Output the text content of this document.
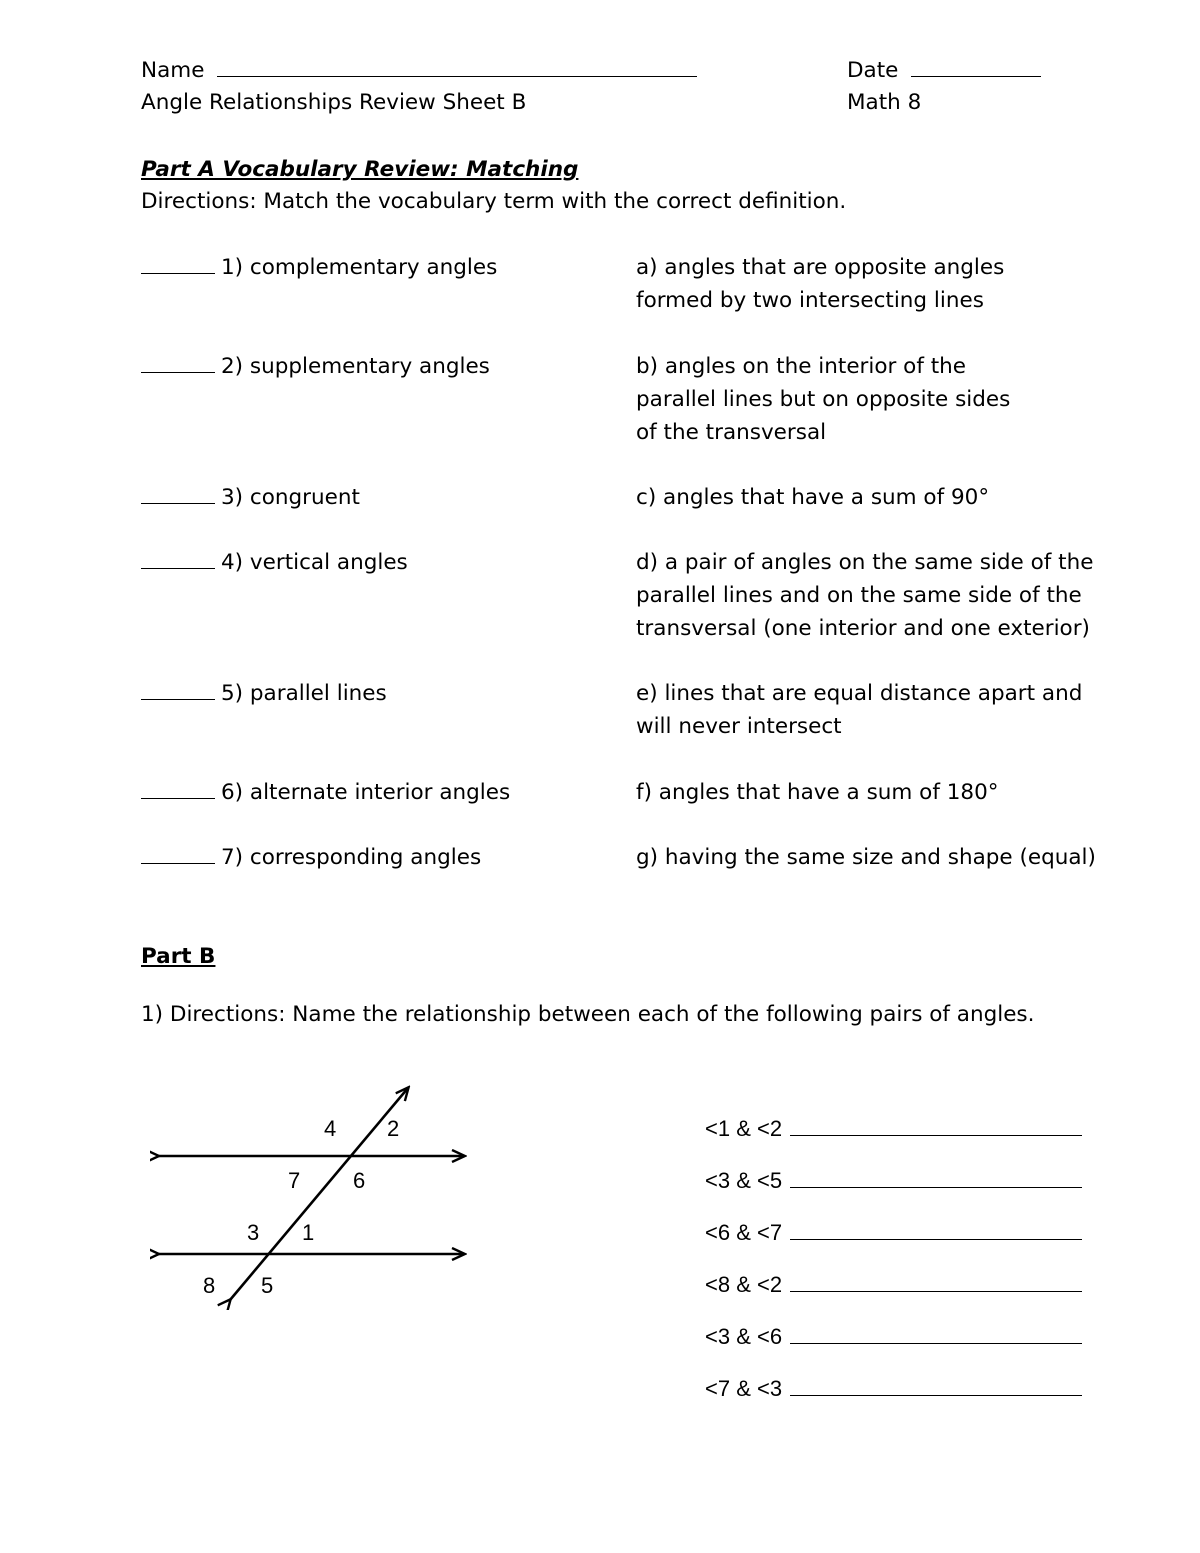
Name	Date
Angle Relationships Review Sheet B	Math 8
Part A Vocabulary Review: Matching
Directions: Match the vocabulary term with the correct definition.
1) complementary angles
2) supplementary angles
3) congruent
4) vertical angles
5) parallel lines
6) alternate interior angles
7) corresponding angles
a) angles that are opposite angles
formed by two intersecting lines
b) angles on the interior of the
parallel lines but on opposite sides
of the transversal
c) angles that have a sum of 90°
d) a pair of angles on the same side of the
parallel lines and on the same side of the
transversal (one interior and one exterior)
e) lines that are equal distance apart and
will never intersect
f) angles that have a sum of 180°
g) having the same size and shape (equal)
Part B
1) Directions: Name the relationship between each of the following pairs of angles.
4 2
7 6
3 1
8 5
<1 & <2
<3 & <5
<6 & <7
<8 & <2
<3 & <6
<7 & <3
